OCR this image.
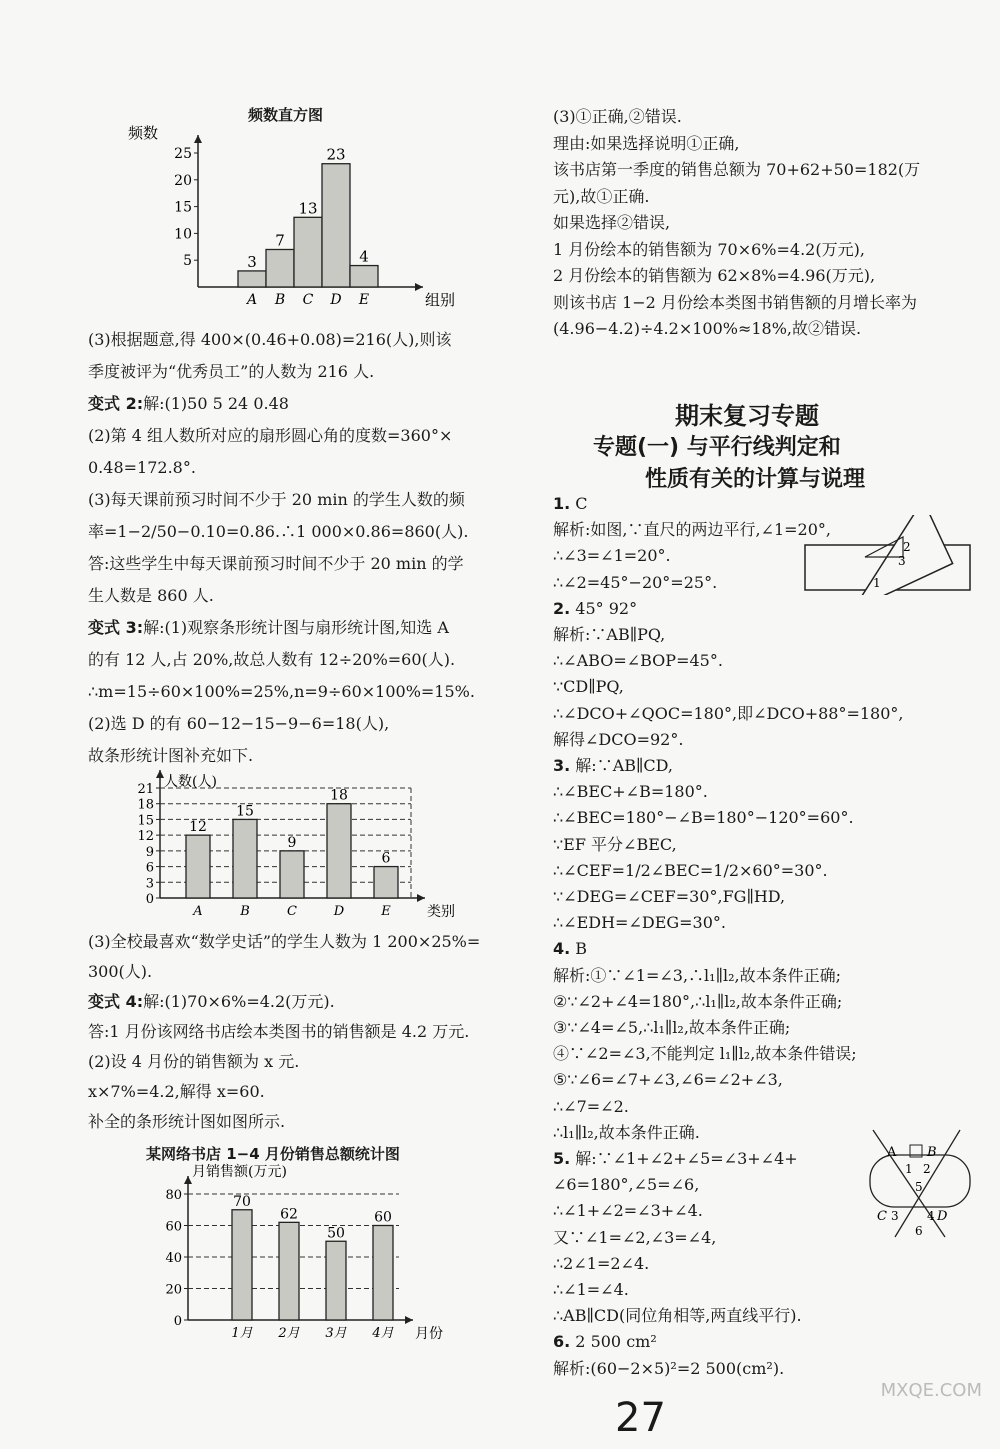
频数直方图
5
10
15
20
25
3
A
7
B
13
C
23
D
4
E
频数
组别
(3)根据题意,得 400×(0.46+0.08)=216(人),则该
季度被评为“优秀员工”的人数为 216 人.
变式 2:解:(1)50 5 24 0.48
(2)第 4 组人数所对应的扇形圆心角的度数=360°×
0.48=172.8°.
(3)每天课前预习时间不少于 20 min 的学生人数的频
率=1−2/50−0.10=0.86.∴1 000×0.86=860(人).
答:这些学生中每天课前预习时间不少于 20 min 的学
生人数是 860 人.
变式 3:解:(1)观察条形统计图与扇形统计图,知选 A
的有 12 人,占 20%,故总人数有 12÷20%=60(人).
∴m=15÷60×100%=25%,n=9÷60×100%=15%.
(2)选 D 的有 60−12−15−9−6=18(人),
故条形统计图补充如下.
0
3
6
9
12
15
18
21
12
A
15
B
9
C
18
D
6
E
人数(人)
类别
(3)全校最喜欢“数学史话”的学生人数为 1 200×25%=
300(人).
变式 4:解:(1)70×6%=4.2(万元).
答:1 月份该网络书店绘本类图书的销售额是 4.2 万元.
(2)设 4 月份的销售额为 x 元.
x×7%=4.2,解得 x=60.
补全的条形统计图如图所示.
某网络书店 1−4 月份销售总额统计图
0
20
40
60
80	70
1月
62
2月
50
3月
60
4月
月销售额(万元)
月份
(3)①正确,②错误.
理由:如果选择说明①正确,
该书店第一季度的销售总额为 70+62+50=182(万
元),故①正确.
如果选择②错误,
1 月份绘本的销售额为 70×6%=4.2(万元),
2 月份绘本的销售额为 62×8%=4.96(万元),
则该书店 1−2 月份绘本类图书销售额的月增长率为
(4.96−4.2)÷4.2×100%≈18%,故②错误.
期末复习专题
专题(一) 与平行线判定和
性质有关的计算与说理
1. C
解析:如图,∵直尺的两边平行,∠1=20°,
∴∠3=∠1=20°.
∴∠2=45°−20°=25°.
2. 45° 92°
解析:∵AB∥PQ,
∴∠ABO=∠BOP=45°.
∵CD∥PQ,
∴∠DCO+∠QOC=180°,即∠DCO+88°=180°,
解得∠DCO=92°.
3. 解:∵AB∥CD,
∴∠BEC+∠B=180°.
∴∠BEC=180°−∠B=180°−120°=60°.
∵EF 平分∠BEC,
∴∠CEF=1/2∠BEC=1/2×60°=30°.
∵∠DEG=∠CEF=30°,FG∥HD,
∴∠EDH=∠DEG=30°.
4. B
解析:①∵∠1=∠3,∴l₁∥l₂,故本条件正确;
②∵∠2+∠4=180°,∴l₁∥l₂,故本条件正确;
③∵∠4=∠5,∴l₁∥l₂,故本条件正确;
④∵∠2=∠3,不能判定 l₁∥l₂,故本条件错误;
⑤∵∠6=∠7+∠3,∠6=∠2+∠3,
∴∠7=∠2.
∴l₁∥l₂,故本条件正确.
5. 解:∵∠1+∠2+∠5=∠3+∠4+
∠6=180°,∠5=∠6,
∴∠1+∠2=∠3+∠4.
又∵∠1=∠2,∠3=∠4,
∴2∠1=2∠4.
∴∠1=∠4.
∴AB∥CD(同位角相等,两直线平行).
6. 2 500 cm²
解析:(60−2×5)²=2 500(cm²).
2
3
1
A B
1 2
5
C 3 4 D
6
27
MXQE.COM
